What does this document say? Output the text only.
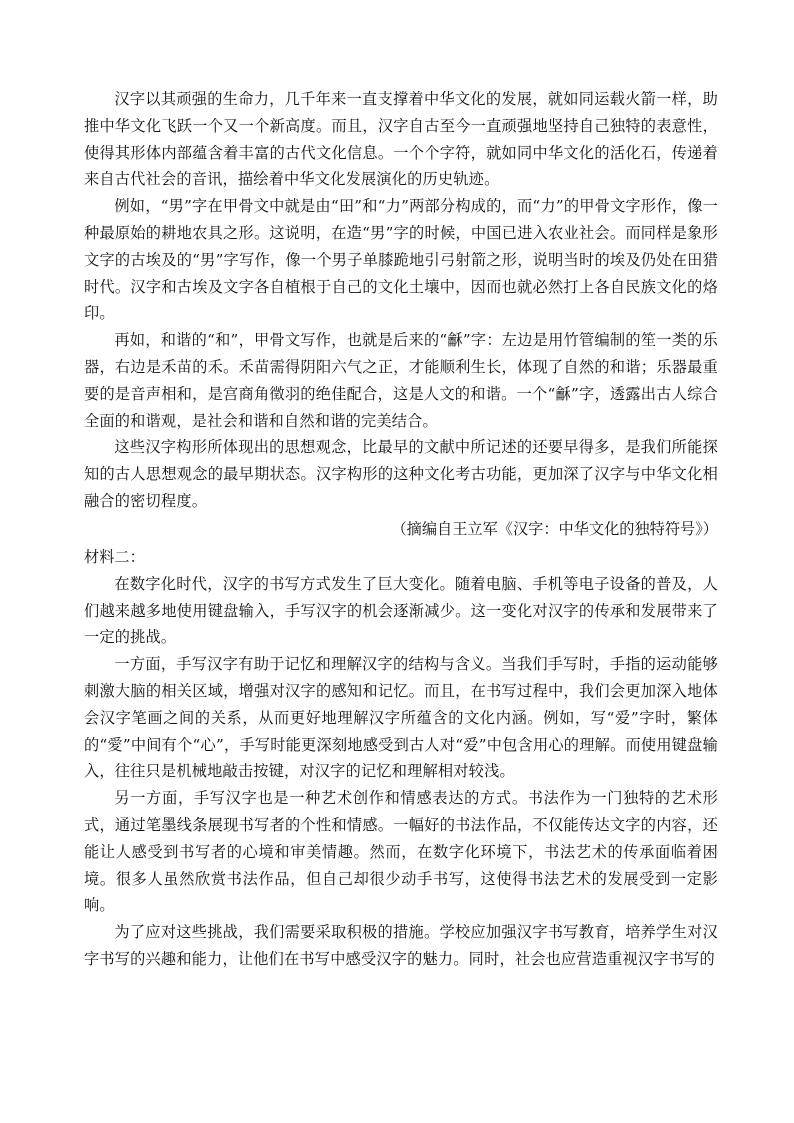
汉字以其顽强的生命力，几千年来一直支撑着中华文化的发展，就如同运载火箭一样，助推中华文化飞跃一个又一个新高度。而且，汉字自古至今一直顽强地坚持自己独特的表意性，使得其形体内部蕴含着丰富的古代文化信息。一个个字符，就如同中华文化的活化石，传递着来自古代社会的音讯，描绘着中华文化发展演化的历史轨迹。

例如，“男”字在甲骨文中就是由“田”和“力”两部分构成的，而“力”的甲骨文字形作，像一种最原始的耕地农具之形。这说明，在造“男”字的时候，中国已进入农业社会。而同样是象形文字的古埃及的“男”字写作，像一个男子单膝跪地引弓射箭之形，说明当时的埃及仍处在田猎时代。汉字和古埃及文字各自植根于自己的文化土壤中，因而也就必然打上各自民族文化的烙印。

再如，和谐的“和”，甲骨文写作，也就是后来的“龢”字：左边是用竹管编制的笙一类的乐器，右边是禾苗的禾。禾苗需得阴阳六气之正，才能顺利生长，体现了自然的和谐；乐器最重要的是音声相和，是宫商角徵羽的绝佳配合，这是人文的和谐。一个“龢”字，透露出古人综合全面的和谐观，是社会和谐和自然和谐的完美结合。

这些汉字构形所体现出的思想观念，比最早的文献中所记述的还要早得多，是我们所能探知的古人思想观念的最早期状态。汉字构形的这种文化考古功能，更加深了汉字与中华文化相融合的密切程度。

（摘编自王立军《汉字：中华文化的独特符号》）

材料二：

在数字化时代，汉字的书写方式发生了巨大变化。随着电脑、手机等电子设备的普及，人们越来越多地使用键盘输入，手写汉字的机会逐渐减少。这一变化对汉字的传承和发展带来了一定的挑战。

一方面，手写汉字有助于记忆和理解汉字的结构与含义。当我们手写时，手指的运动能够刺激大脑的相关区域，增强对汉字的感知和记忆。而且，在书写过程中，我们会更加深入地体会汉字笔画之间的关系，从而更好地理解汉字所蕴含的文化内涵。例如，写“爱”字时，繁体的“愛”中间有个“心”，手写时能更深刻地感受到古人对“爱”中包含用心的理解。而使用键盘输入，往往只是机械地敲击按键，对汉字的记忆和理解相对较浅。

另一方面，手写汉字也是一种艺术创作和情感表达的方式。书法作为一门独特的艺术形式，通过笔墨线条展现书写者的个性和情感。一幅好的书法作品，不仅能传达文字的内容，还能让人感受到书写者的心境和审美情趣。然而，在数字化环境下，书法艺术的传承面临着困境。很多人虽然欣赏书法作品，但自己却很少动手书写，这使得书法艺术的发展受到一定影响。

为了应对这些挑战，我们需要采取积极的措施。学校应加强汉字书写教育，培养学生对汉字书写的兴趣和能力，让他们在书写中感受汉字的魅力。同时，社会也应营造重视汉字书写的
